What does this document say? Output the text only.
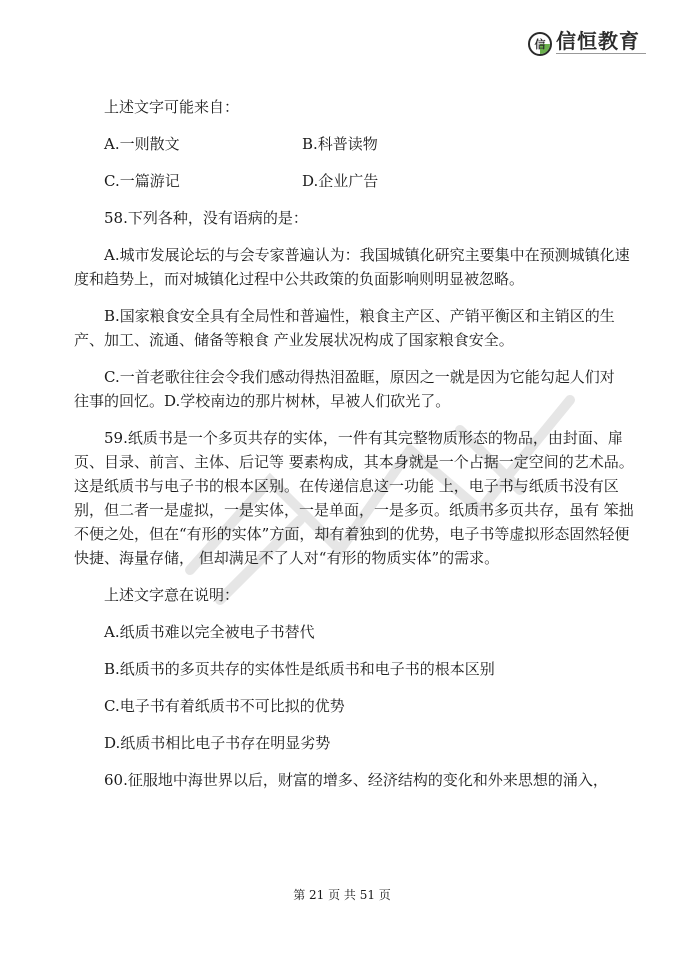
信 信恒教育

上述文字可能来自：

A.一则散文	B.科普读物
C.一篇游记	D.企业广告

58.下列各种，没有语病的是：

A.城市发展论坛的与会专家普遍认为：我国城镇化研究主要集中在预测城镇化速度和趋势上，而对城镇化过程中公共政策的负面影响则明显被忽略。

B.国家粮食安全具有全局性和普遍性，粮食主产区、产销平衡区和主销区的生产、加工、流通、储备等粮食 产业发展状况构成了国家粮食安全。

C.一首老歌往往会令我们感动得热泪盈眶，原因之一就是因为它能勾起人们对

往事的回忆。D.学校南边的那片树林，早被人们砍光了。

59.纸质书是一个多页共存的实体，一件有其完整物质形态的物品，由封面、扉页、目录、前言、主体、后记等 要素构成，其本身就是一个占据一定空间的艺术品。这是纸质书与电子书的根本区别。在传递信息这一功能 上，电子书与纸质书没有区别，但二者一是虚拟，一是实体，一是单面，一是多页。纸质书多页共存，虽有 笨拙不便之处，但在“有形的实体”方面，却有着独到的优势，电子书等虚拟形态固然轻便快捷、海量存储， 但却满足不了人对“有形的物质实体”的需求。

上述文字意在说明：

A.纸质书难以完全被电子书替代

B.纸质书的多页共存的实体性是纸质书和电子书的根本区别

C.电子书有着纸质书不可比拟的优势

D.纸质书相比电子书存在明显劣势

60.征服地中海世界以后，财富的增多、经济结构的变化和外来思想的涌入，

第 21 页 共 51 页
